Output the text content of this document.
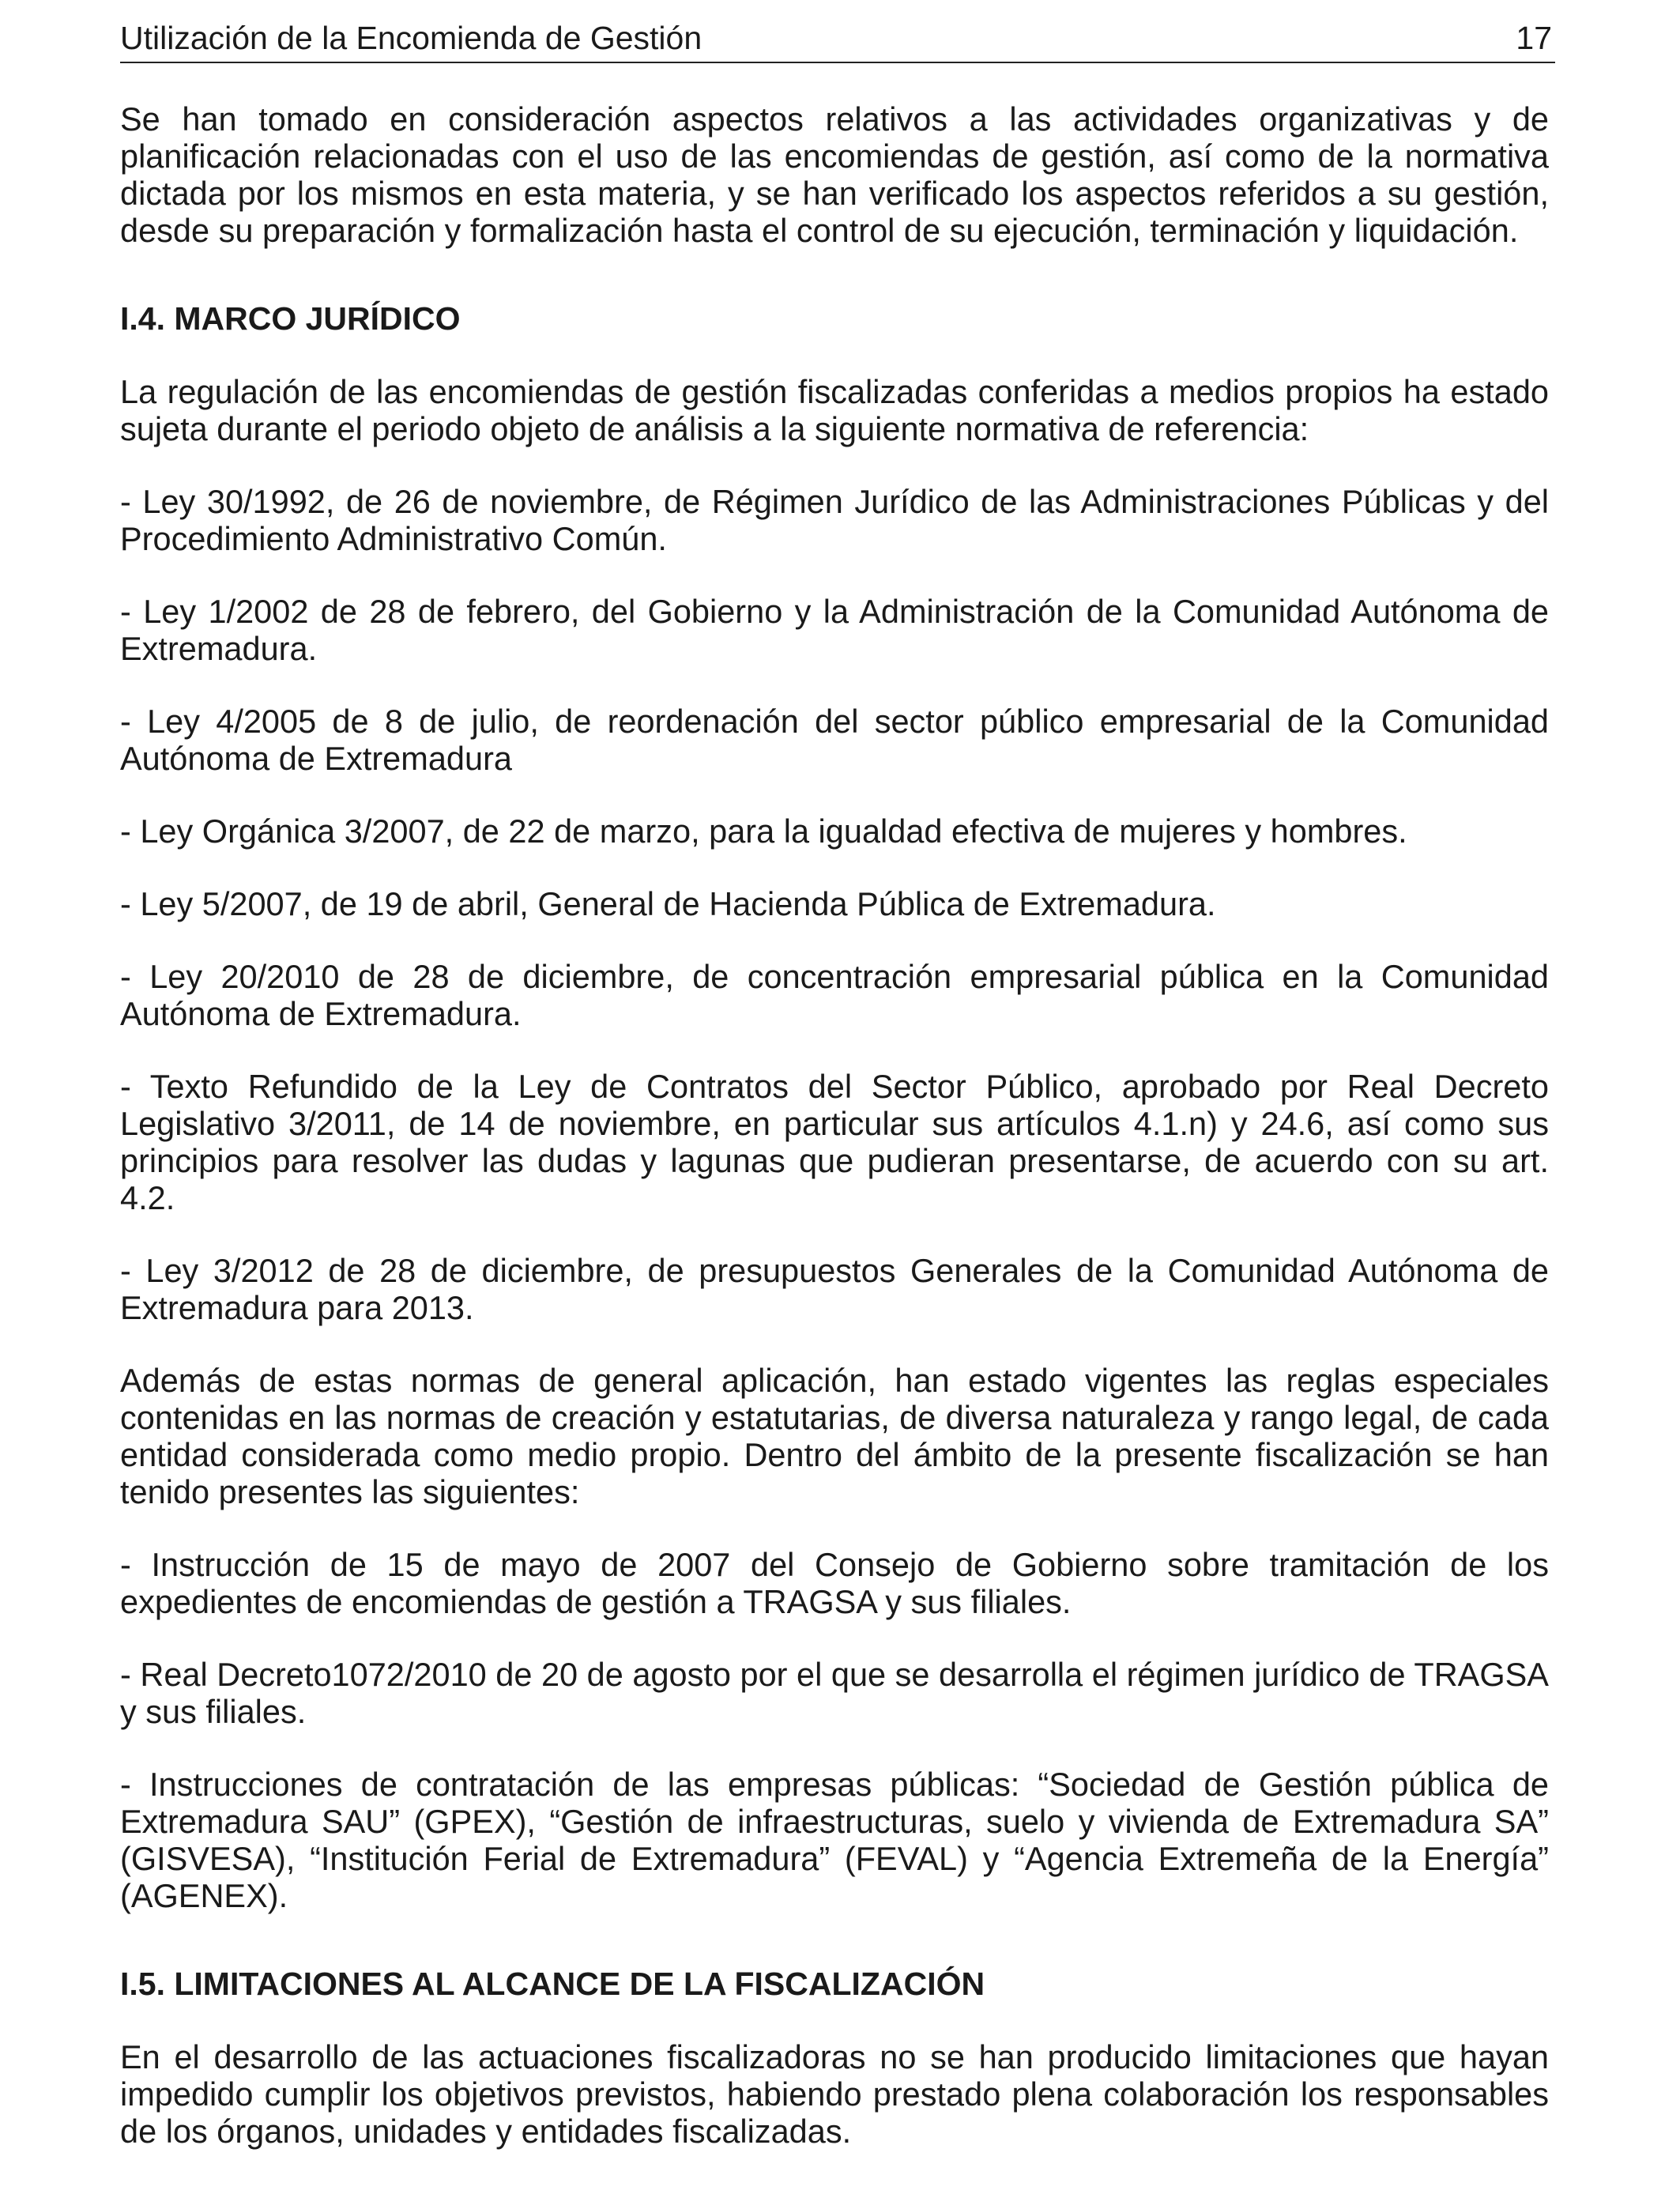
Utilización de la Encomienda de Gestión	17

Se han tomado en consideración aspectos relativos a las actividades organizativas y de planificación relacionadas con el uso de las encomiendas de gestión, así como de la normativa dictada por los mismos en esta materia, y se han verificado los aspectos referidos a su gestión, desde su preparación y formalización hasta el control de su ejecución, terminación y liquidación.

I.4. MARCO JURÍDICO

La regulación de las encomiendas de gestión fiscalizadas conferidas a medios propios ha estado sujeta durante el periodo objeto de análisis a la siguiente normativa de referencia:

- Ley 30/1992, de 26 de noviembre, de Régimen Jurídico de las Administraciones Públicas y del Procedimiento Administrativo Común.

- Ley 1/2002 de 28 de febrero, del Gobierno y la Administración de la Comunidad Autónoma de Extremadura.

- Ley 4/2005 de 8 de julio, de reordenación del sector público empresarial de la Comunidad Autónoma de Extremadura

- Ley Orgánica 3/2007, de 22 de marzo, para la igualdad efectiva de mujeres y hombres.

- Ley 5/2007, de 19 de abril, General de Hacienda Pública de Extremadura.

- Ley 20/2010 de 28 de diciembre, de concentración empresarial pública en la Comunidad Autónoma de Extremadura.

- Texto Refundido de la Ley de Contratos del Sector Público, aprobado por Real Decreto Legislativo 3/2011, de 14 de noviembre, en particular sus artículos 4.1.n) y 24.6, así como sus principios para resolver las dudas y lagunas que pudieran presentarse, de acuerdo con su art. 4.2.

- Ley 3/2012 de 28 de diciembre, de presupuestos Generales de la Comunidad Autónoma de Extremadura para 2013.

Además de estas normas de general aplicación, han estado vigentes las reglas especiales contenidas en las normas de creación y estatutarias, de diversa naturaleza y rango legal, de cada entidad considerada como medio propio. Dentro del ámbito de la presente fiscalización se han tenido presentes las siguientes:

- Instrucción de 15 de mayo de 2007 del Consejo de Gobierno sobre tramitación de los expedientes de encomiendas de gestión a TRAGSA y sus filiales.

- Real Decreto1072/2010 de 20 de agosto por el que se desarrolla el régimen jurídico de TRAGSA y sus filiales.

- Instrucciones de contratación de las empresas públicas: “Sociedad de Gestión pública de Extremadura SAU” (GPEX), “Gestión de infraestructuras, suelo y vivienda de Extremadura SA” (GISVESA), “Institución Ferial de Extremadura” (FEVAL) y “Agencia Extremeña de la Energía” (AGENEX).

I.5. LIMITACIONES AL ALCANCE DE LA FISCALIZACIÓN

En el desarrollo de las actuaciones fiscalizadoras no se han producido limitaciones que hayan impedido cumplir los objetivos previstos, habiendo prestado plena colaboración los responsables de los órganos, unidades y entidades fiscalizadas.
